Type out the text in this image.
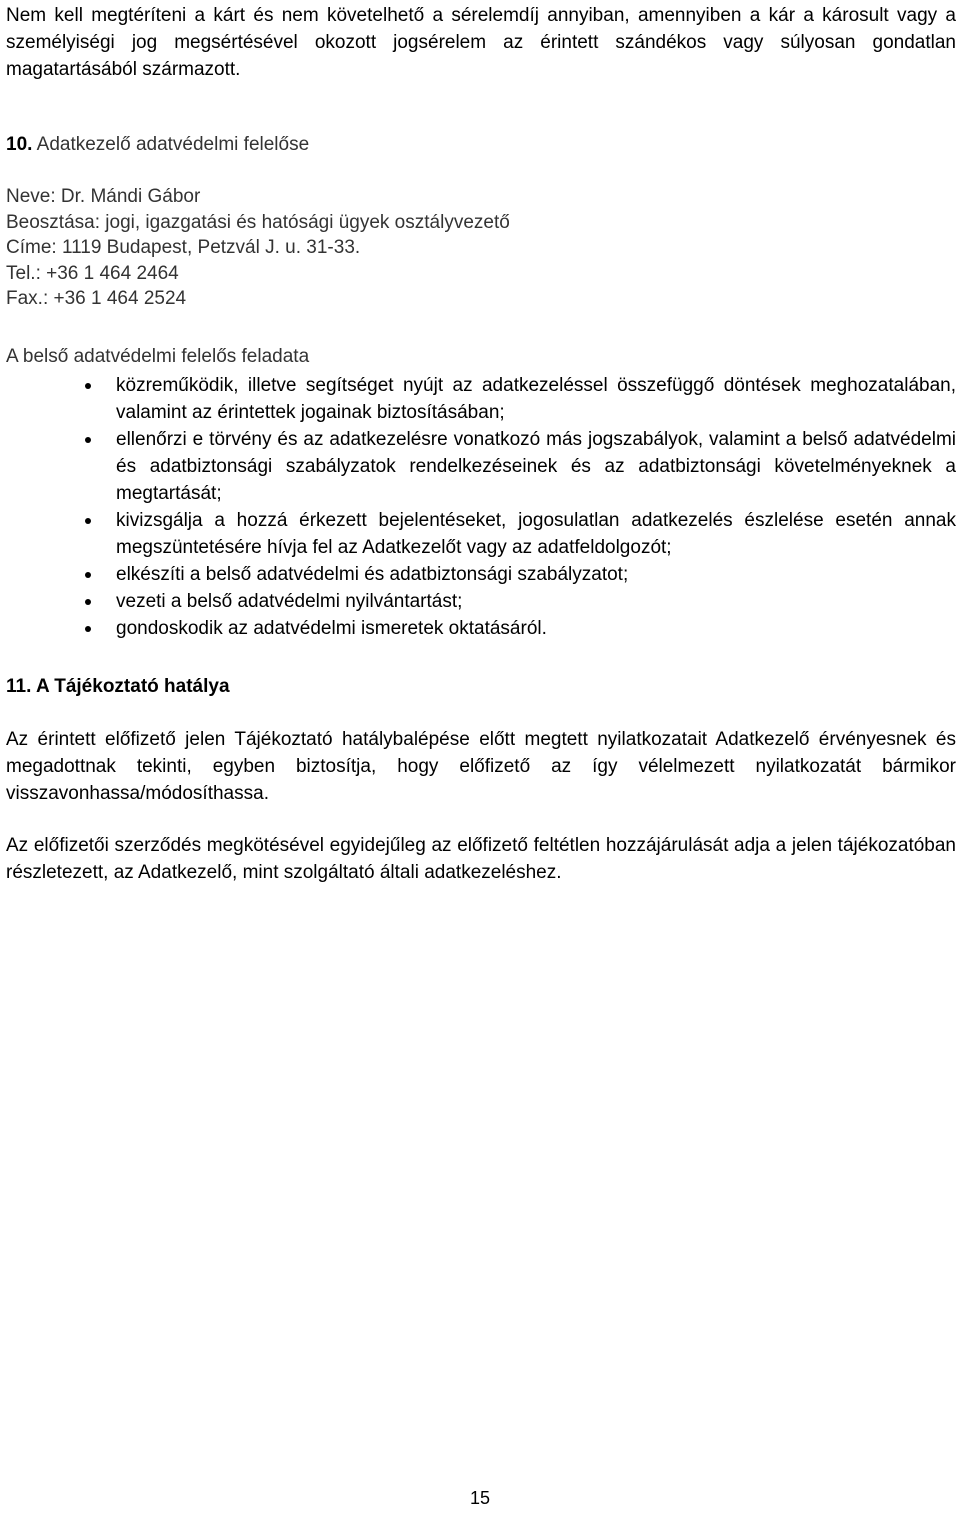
Nem kell megtéríteni a kárt és nem követelhető a sérelemdíj annyiban, amennyiben a kár a károsult vagy a személyiségi jog megsértésével okozott jogsérelem az érintett szándékos vagy súlyosan gondatlan magatartásából származott.

10. Adatkezelő adatvédelmi felelőse
Neve: Dr. Mándi Gábor
Beosztása: jogi, igazgatási és hatósági ügyek osztályvezető
Címe: 1119 Budapest, Petzvál J. u. 31-33.
Tel.: +36 1 464 2464
Fax.: +36 1 464 2524
A belső adatvédelmi felelős feladata
közreműködik, illetve segítséget nyújt az adatkezeléssel összefüggő döntések meghozatalában, valamint az érintettek jogainak biztosításában;
ellenőrzi e törvény és az adatkezelésre vonatkozó más jogszabályok, valamint a belső adatvédelmi és adatbiztonsági szabályzatok rendelkezéseinek és az adatbiztonsági követelményeknek a megtartását;
kivizsgálja a hozzá érkezett bejelentéseket, jogosulatlan adatkezelés észlelése esetén annak megszüntetésére hívja fel az Adatkezelőt vagy az adatfeldolgozót;
elkészíti a belső adatvédelmi és adatbiztonsági szabályzatot;
vezeti a belső adatvédelmi nyilvántartást;
gondoskodik az adatvédelmi ismeretek oktatásáról.
11. A Tájékoztató hatálya

Az érintett előfizető jelen Tájékoztató hatálybalépése előtt megtett nyilatkozatait Adatkezelő érvényesnek és megadottnak tekinti, egyben biztosítja, hogy előfizető az így vélelmezett nyilatkozatát bármikor visszavonhassa/módosíthassa.

Az előfizetői szerződés megkötésével egyidejűleg az előfizető feltétlen hozzájárulását adja a jelen tájékozatóban részletezett, az Adatkezelő, mint szolgáltató általi adatkezeléshez.

15
